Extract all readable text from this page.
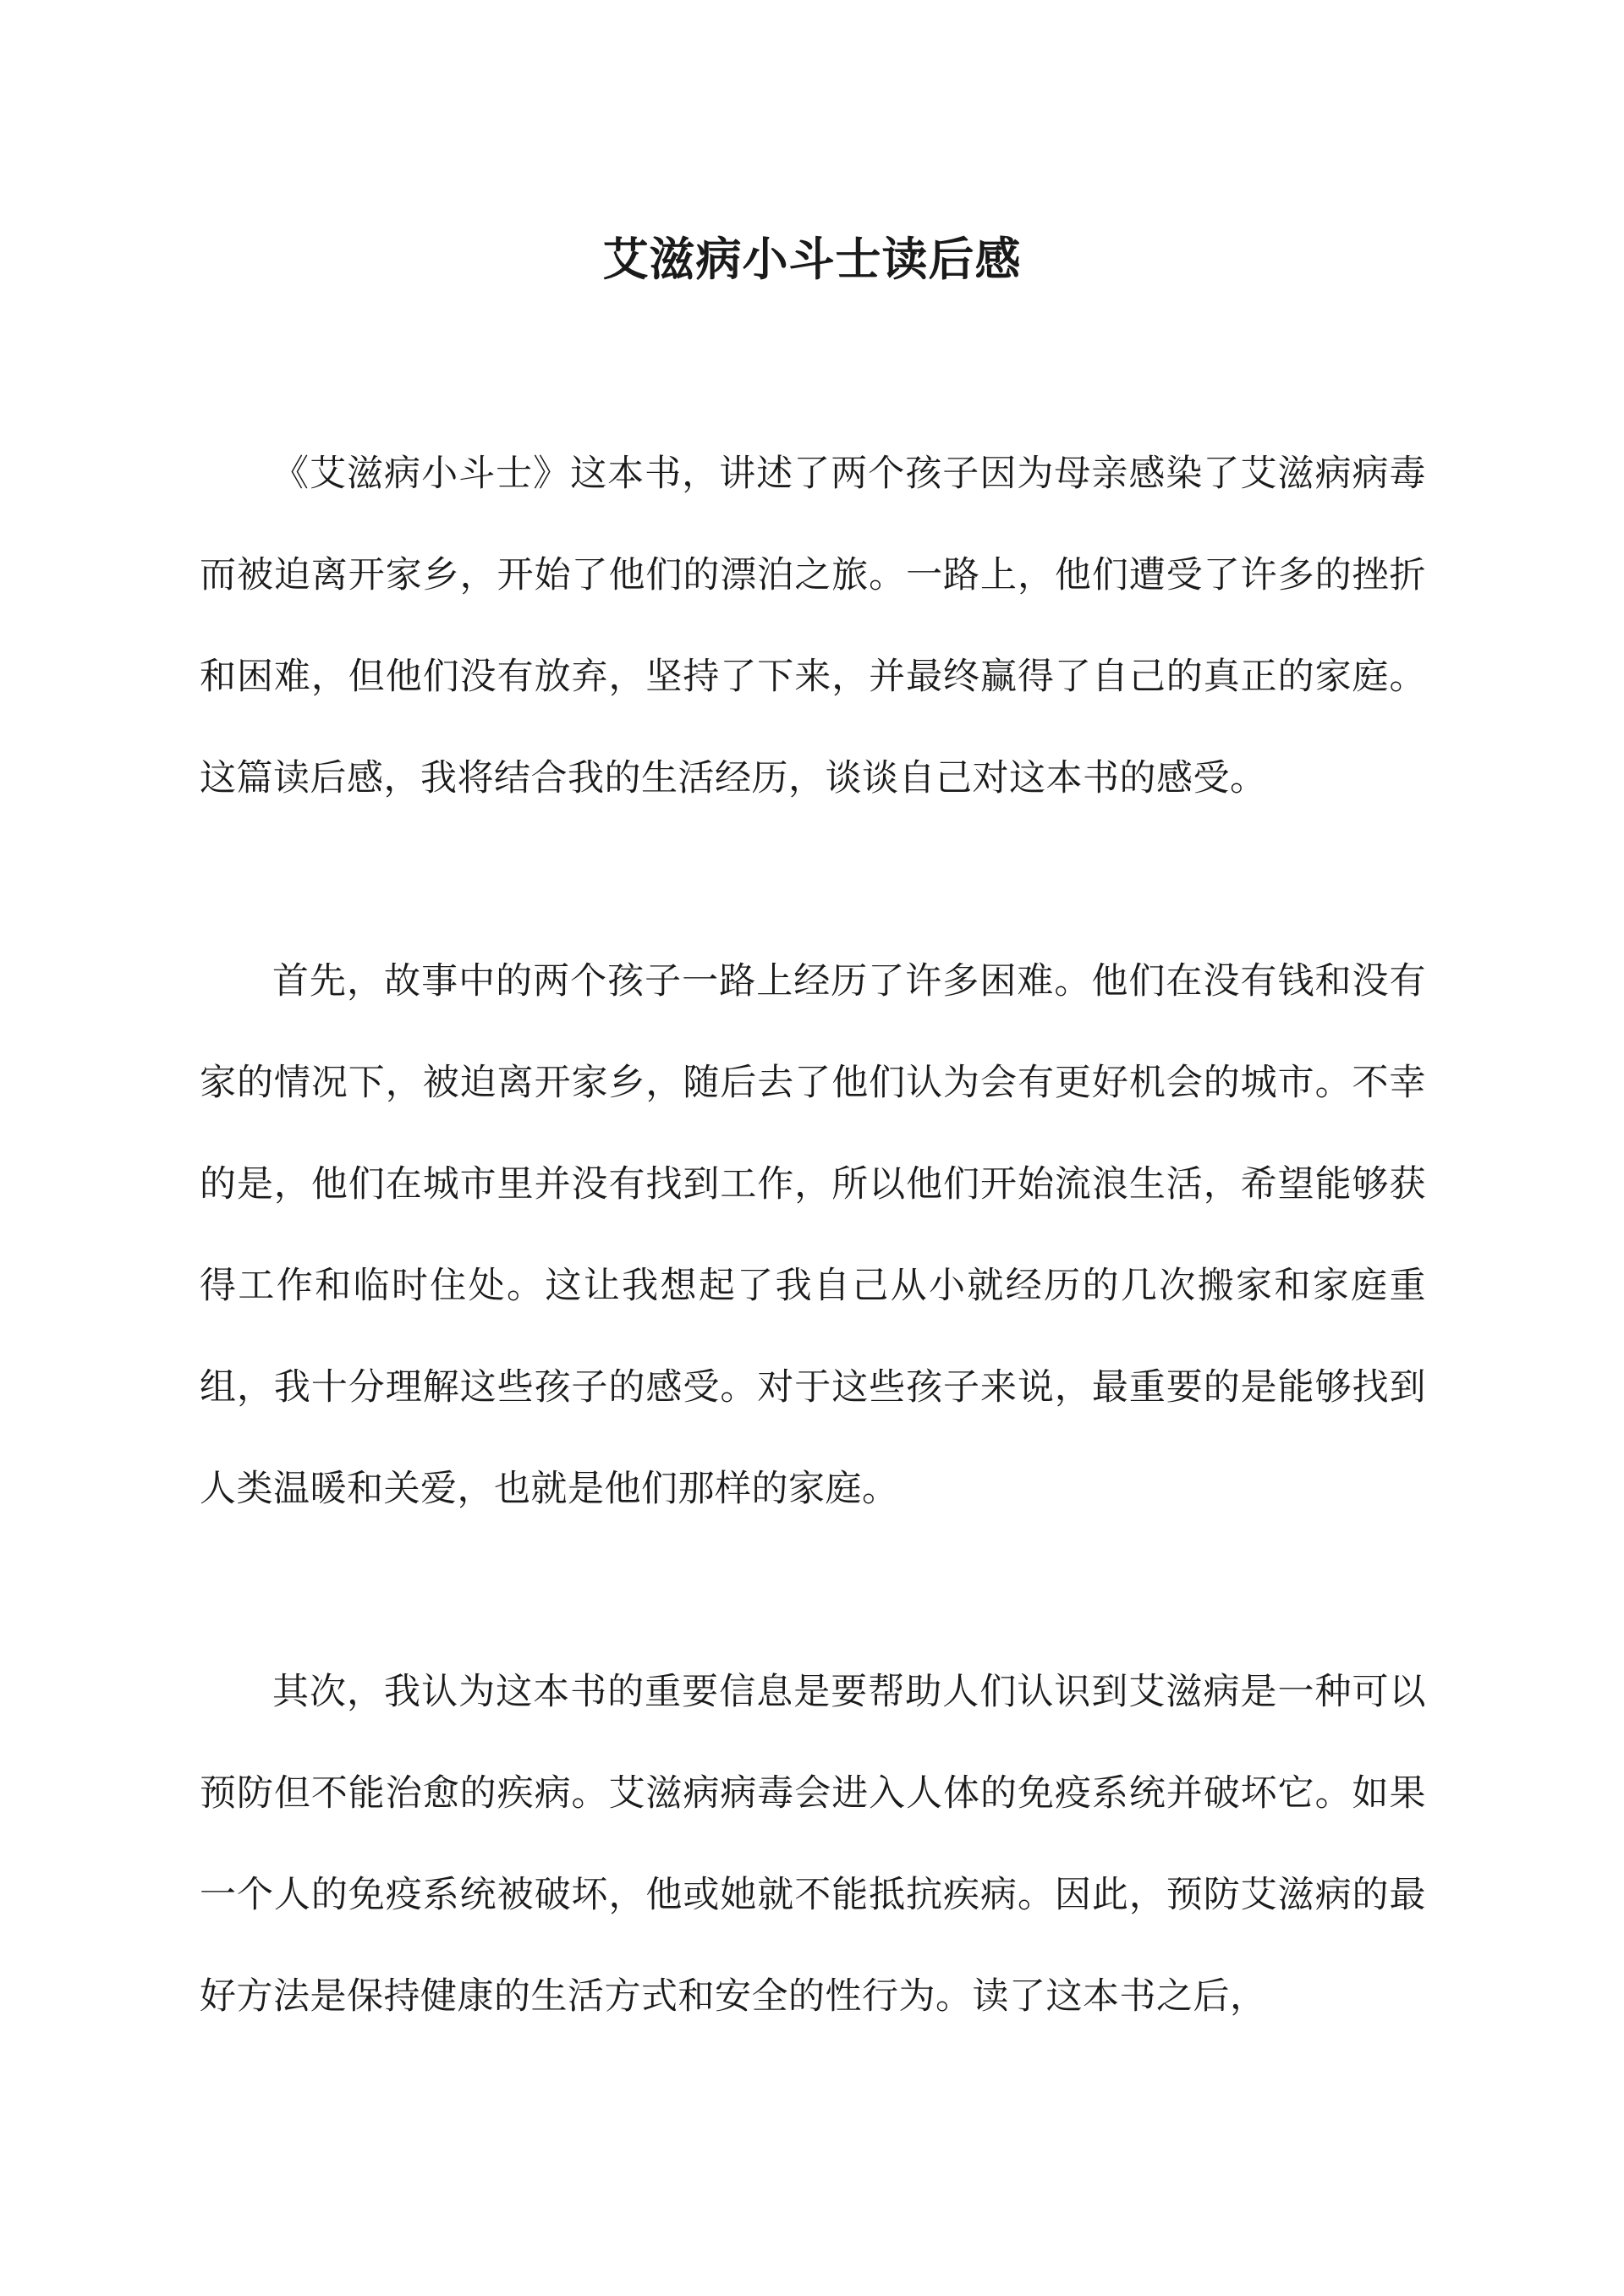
艾滋病小斗士读后感

《艾滋病小斗士》这本书，讲述了两个孩子因为母亲感染了艾滋病病毒而被迫离开家乡，开始了他们的漂泊之旅。一路上，他们遭受了许多的挫折和困难，但他们没有放弃，坚持了下来，并最终赢得了自己的真正的家庭。这篇读后感，我将结合我的生活经历，谈谈自己对这本书的感受。

首先，故事中的两个孩子一路上经历了许多困难。他们在没有钱和没有家的情况下，被迫离开家乡，随后去了他们认为会有更好机会的城市。不幸的是，他们在城市里并没有找到工作，所以他们开始流浪生活，希望能够获得工作和临时住处。这让我想起了我自己从小就经历的几次搬家和家庭重组，我十分理解这些孩子的感受。对于这些孩子来说，最重要的是能够找到人类温暖和关爱，也就是他们那样的家庭。

其次，我认为这本书的重要信息是要帮助人们认识到艾滋病是一种可以预防但不能治愈的疾病。艾滋病病毒会进入人体的免疫系统并破坏它。如果一个人的免疫系统被破坏，他或她就不能抵抗疾病。因此，预防艾滋病的最好方法是保持健康的生活方式和安全的性行为。读了这本书之后，
